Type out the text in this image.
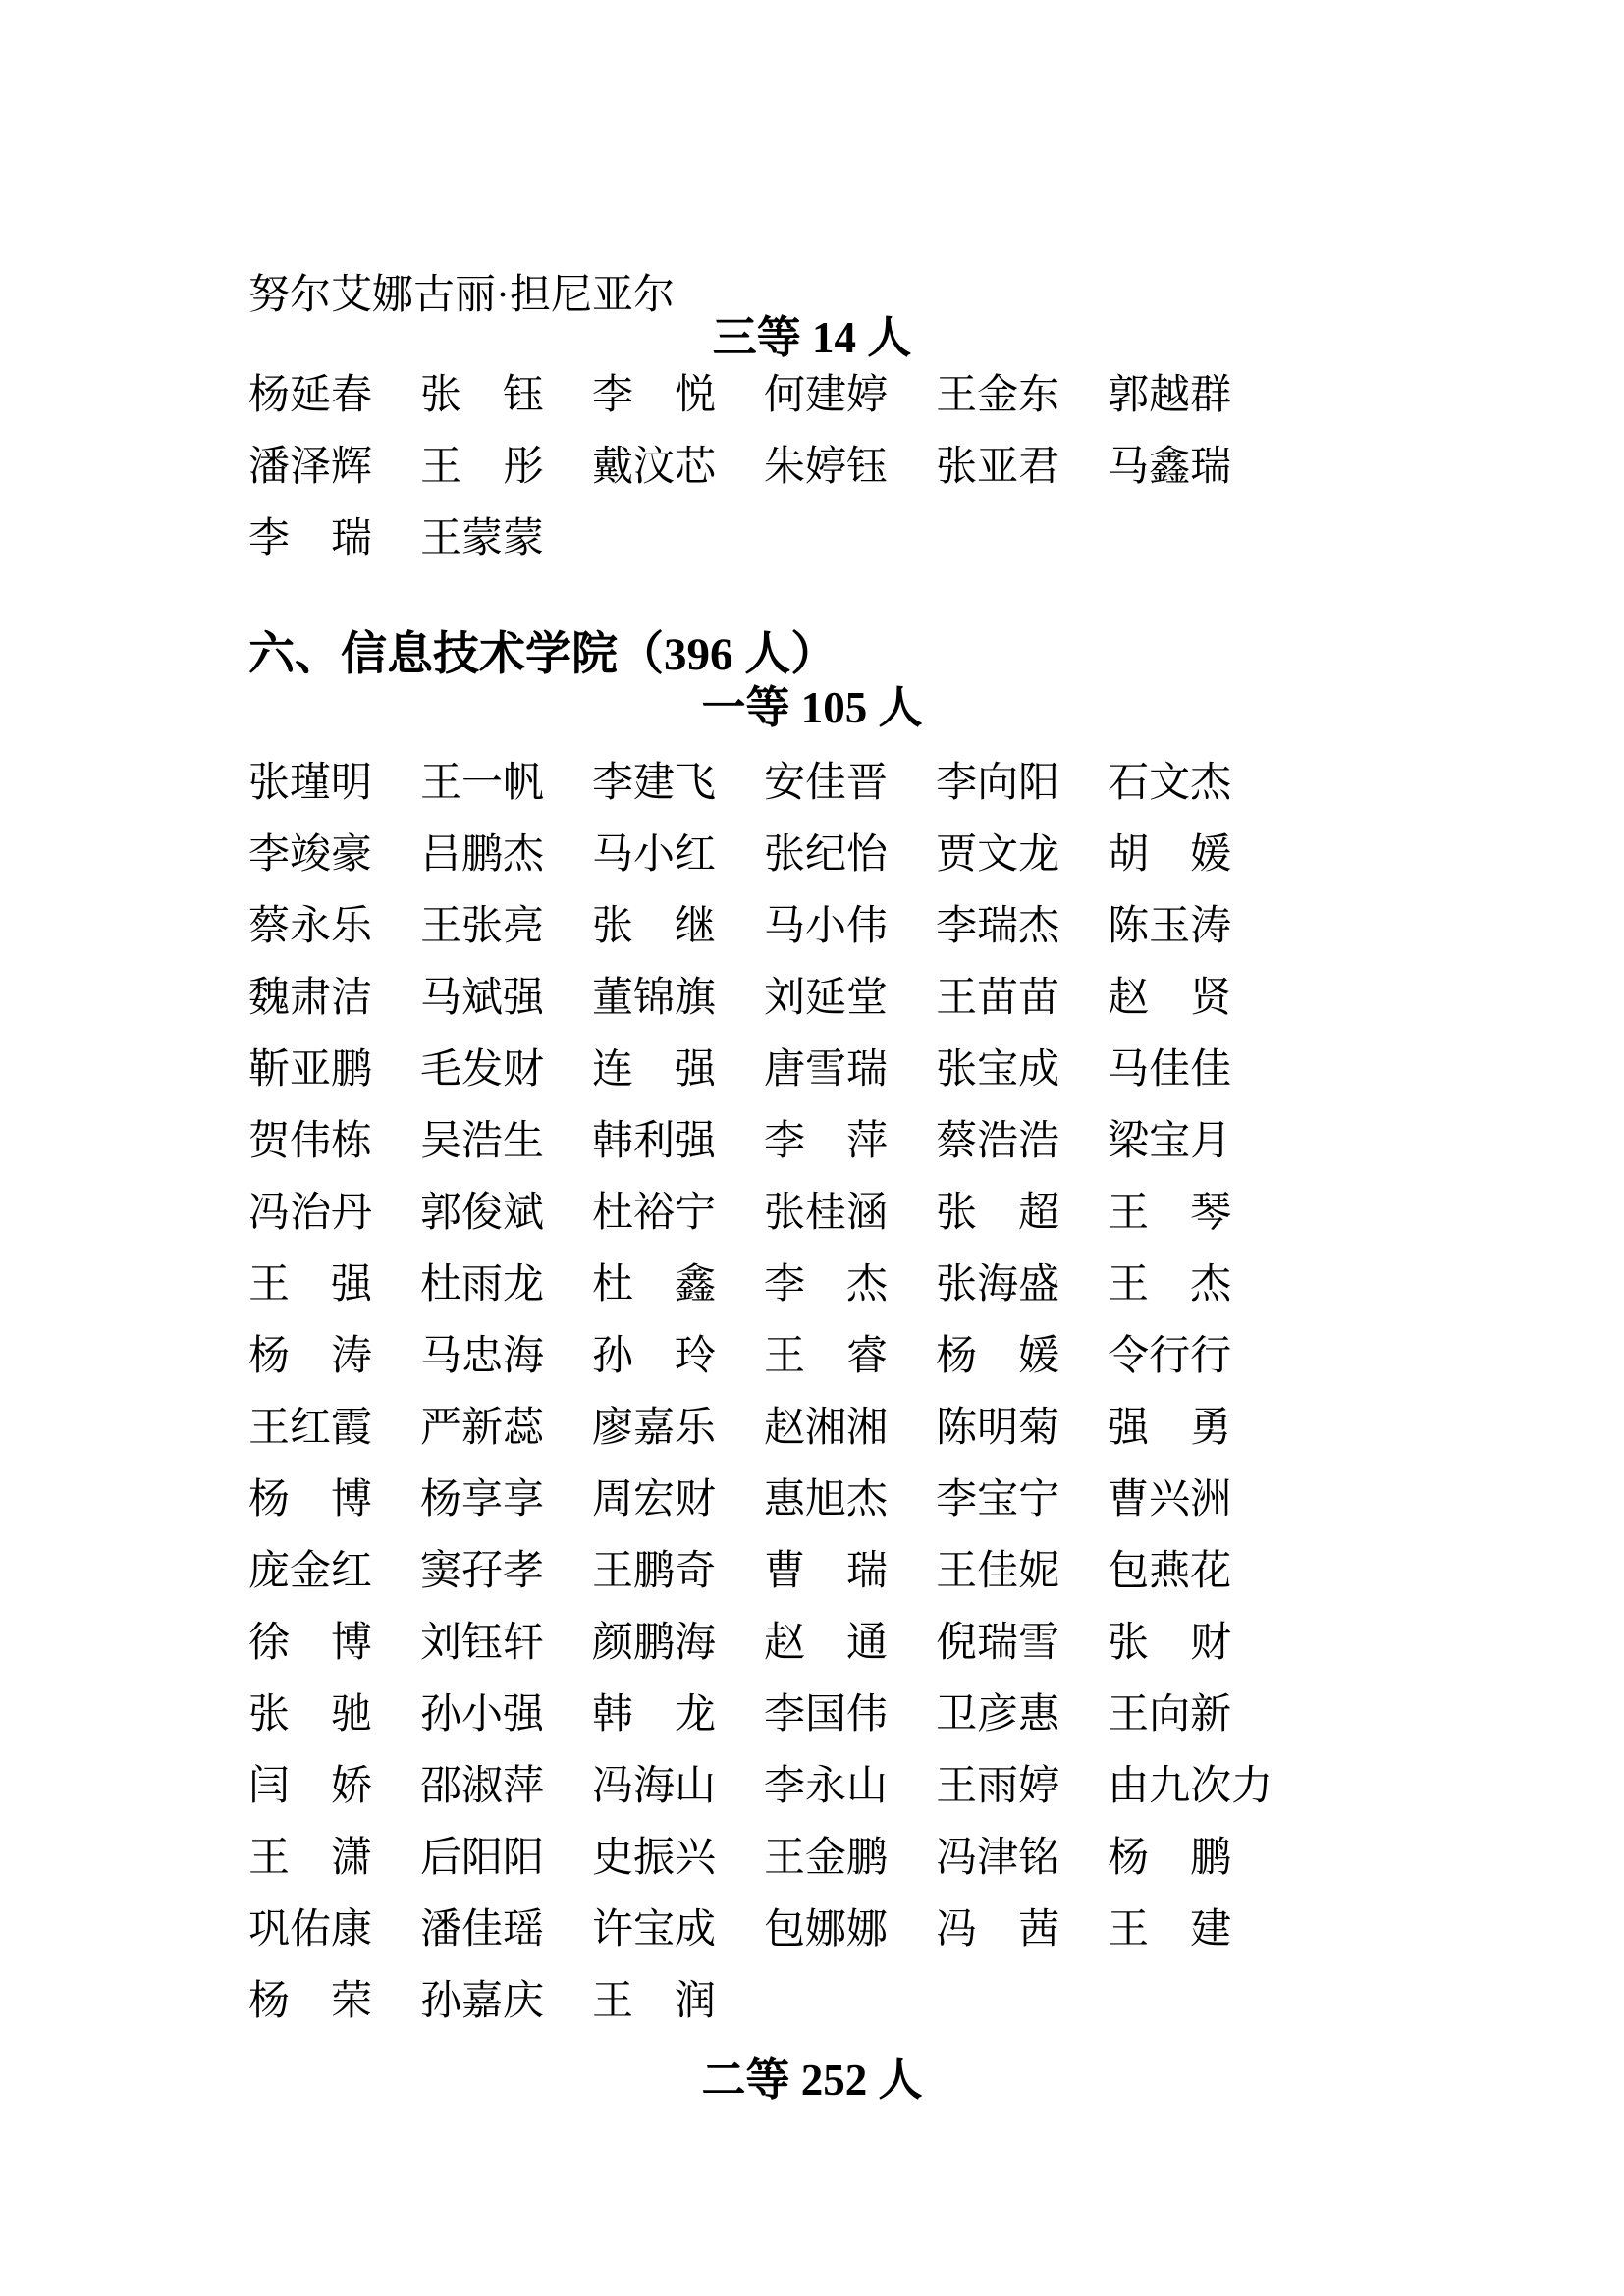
努尔艾娜古丽·担尼亚尔
三等 14 人
杨延春 张　钰 李　悦 何建婷 王金东 郭越群
潘泽辉 王　彤 戴汶芯 朱婷钰 张亚君 马鑫瑞
李　瑞 王蒙蒙
六、信息技术学院（396 人）
一等 105 人
张瑾明 王一帆 李建飞 安佳晋 李向阳 石文杰
李竣豪 吕鹏杰 马小红 张纪怡 贾文龙 胡　媛
蔡永乐 王张亮 张　继 马小伟 李瑞杰 陈玉涛
魏肃洁 马斌强 董锦旗 刘延堂 王苗苗 赵　贤
靳亚鹏 毛发财 连　强 唐雪瑞 张宝成 马佳佳
贺伟栋 吴浩生 韩利强 李　萍 蔡浩浩 梁宝月
冯治丹 郭俊斌 杜裕宁 张桂涵 张　超 王　琴
王　强 杜雨龙 杜　鑫 李　杰 张海盛 王　杰
杨　涛 马忠海 孙　玲 王　睿 杨　媛 令行行
王红霞 严新蕊 廖嘉乐 赵湘湘 陈明菊 强　勇
杨　博 杨享享 周宏财 惠旭杰 李宝宁 曹兴洲
庞金红 窦孖孝 王鹏奇 曹　瑞 王佳妮 包燕花
徐　博 刘钰轩 颜鹏海 赵　通 倪瑞雪 张　财
张　驰 孙小强 韩　龙 李国伟 卫彦惠 王向新
闫　娇 邵淑萍 冯海山 李永山 王雨婷 由九次力
王　潇 后阳阳 史振兴 王金鹏 冯津铭 杨　鹏
巩佑康 潘佳瑶 许宝成 包娜娜 冯　茜 王　建
杨　荣 孙嘉庆 王　润
二等 252 人
